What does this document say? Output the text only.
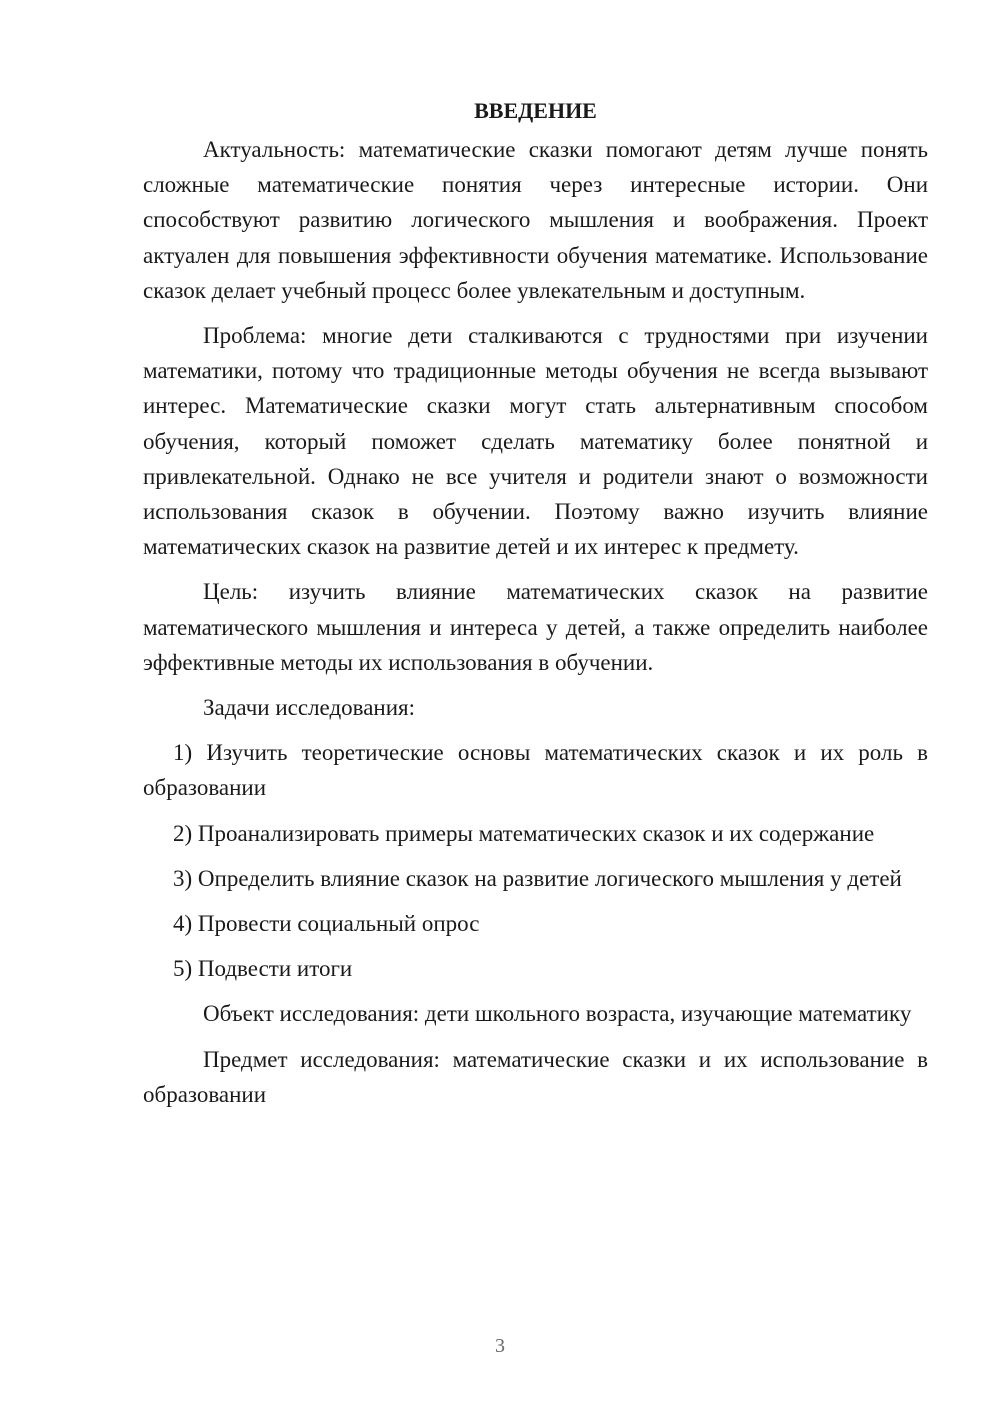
ВВЕДЕНИЕ

Актуальность: математические сказки помогают детям лучше понять сложные математические понятия через интересные истории. Они способствуют развитию логического мышления и воображения. Проект актуален для повышения эффективности обучения математике. Использование сказок делает учебный процесс более увлекательным и доступным.

Проблема: многие дети сталкиваются с трудностями при изучении математики, потому что традиционные методы обучения не всегда вызывают интерес. Математические сказки могут стать альтернативным способом обучения, который поможет сделать математику более понятной и привлекательной. Однако не все учителя и родители знают о возможности использования сказок в обучении. Поэтому важно изучить влияние математических сказок на развитие детей и их интерес к предмету.

Цель: изучить влияние математических сказок на развитие математического мышления и интереса у детей, а также определить наиболее эффективные методы их использования в обучении.

Задачи исследования:

1) Изучить теоретические основы математических сказок и их роль в образовании

2) Проанализировать примеры математических сказок и их содержание

3) Определить влияние сказок на развитие логического мышления у детей

4) Провести социальный опрос

5) Подвести итоги

Объект исследования: дети школьного возраста, изучающие математику

Предмет исследования: математические сказки и их использование в образовании

3
